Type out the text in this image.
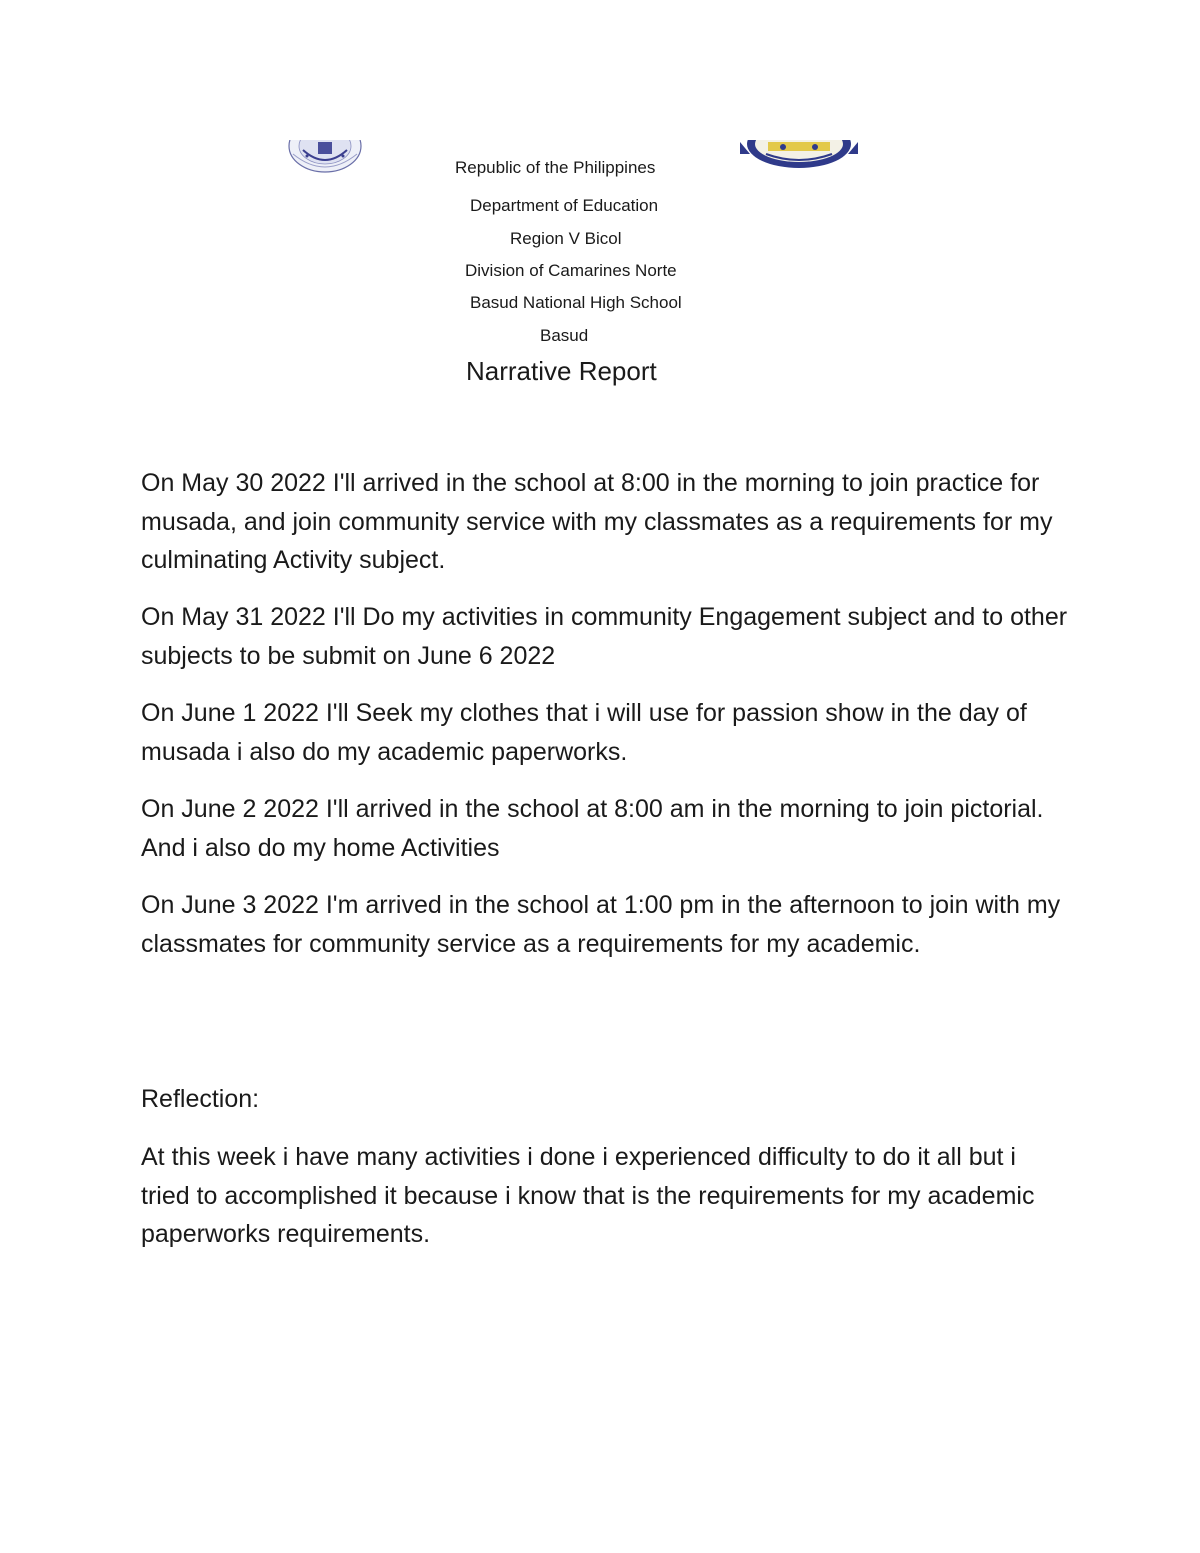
Republic of the Philippines
Department of Education
Region V Bicol
Division of Camarines Norte
Basud National High School
Basud
Narrative Report

On May 30 2022 I'll arrived in the school at 8:00 in the morning to join practice for musada, and join community service with my classmates as a requirements for my culminating Activity subject.

On May 31 2022 I'll Do my activities in community Engagement subject and to other subjects to be submit on June 6 2022

On June 1 2022 I'll Seek my clothes that i will use for passion show in the day of musada i also do my academic paperworks.

On June 2 2022 I'll arrived in the school at 8:00 am in the morning to join pictorial. And i also do my home Activities

On June 3 2022 I'm arrived in the school at 1:00 pm in the afternoon to join with my classmates for community service as a requirements for my academic.

Reflection:

At this week i have many activities i done i experienced difficulty to do it all but i tried to accomplished it because i know that is the requirements for my academic paperworks requirements.
